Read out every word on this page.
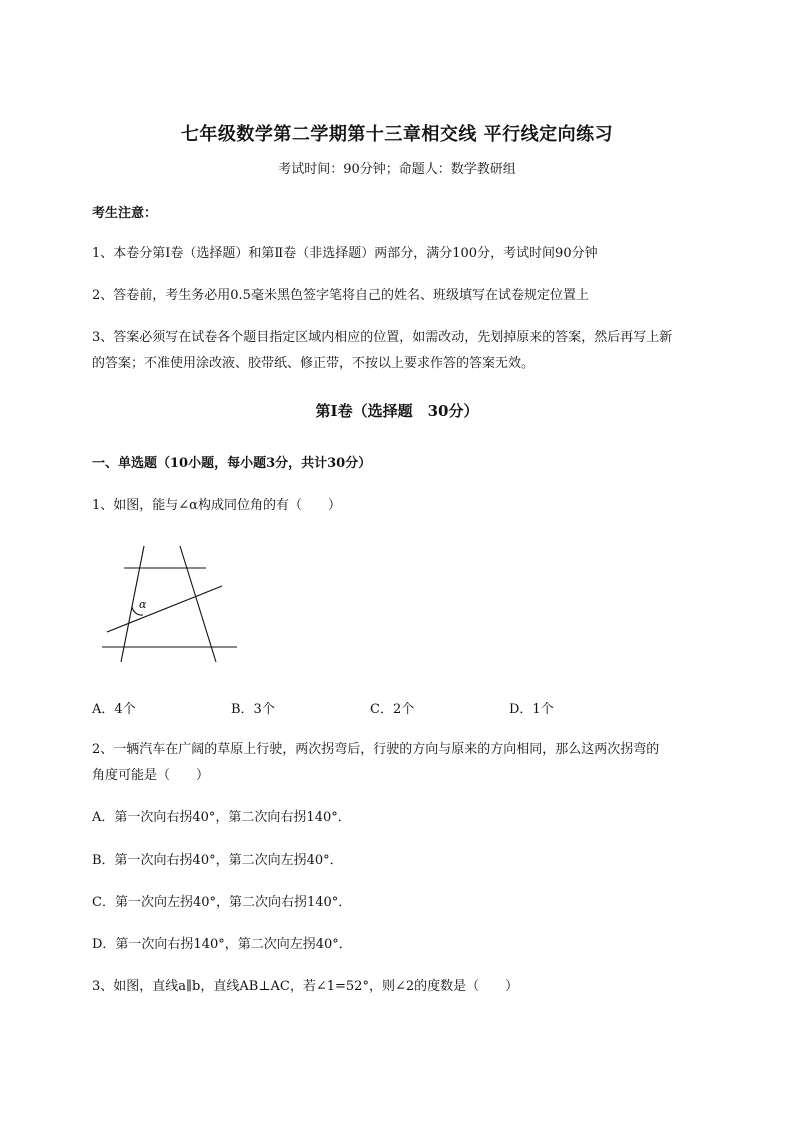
七年级数学第二学期第十三章相交线 平行线定向练习
考试时间：90分钟；命题人：数学教研组
考生注意：
1、本卷分第I卷（选择题）和第Ⅱ卷（非选择题）两部分，满分100分，考试时间90分钟
2、答卷前，考生务必用0.5毫米黑色签字笔将自己的姓名、班级填写在试卷规定位置上
3、答案必须写在试卷各个题目指定区域内相应的位置，如需改动，先划掉原来的答案，然后再写上新
的答案；不准使用涂改液、胶带纸、修正带，不按以上要求作答的答案无效。
第I卷（选择题　30分）
一、单选题（10小题，每小题3分，共计30分）
1、如图，能与∠α构成同位角的有（　　）
α
A．4个	B．3个	C．2个	D．1个
2、一辆汽车在广阔的草原上行驶，两次拐弯后，行驶的方向与原来的方向相同，那么这两次拐弯的
角度可能是（　　）
A．第一次向右拐40°，第二次向右拐140°．
B．第一次向右拐40°，第二次向左拐40°．
C．第一次向左拐40°，第二次向右拐140°．
D．第一次向右拐140°，第二次向左拐40°．
3、如图，直线a∥b，直线AB⊥AC，若∠1=52°，则∠2的度数是（　　）
